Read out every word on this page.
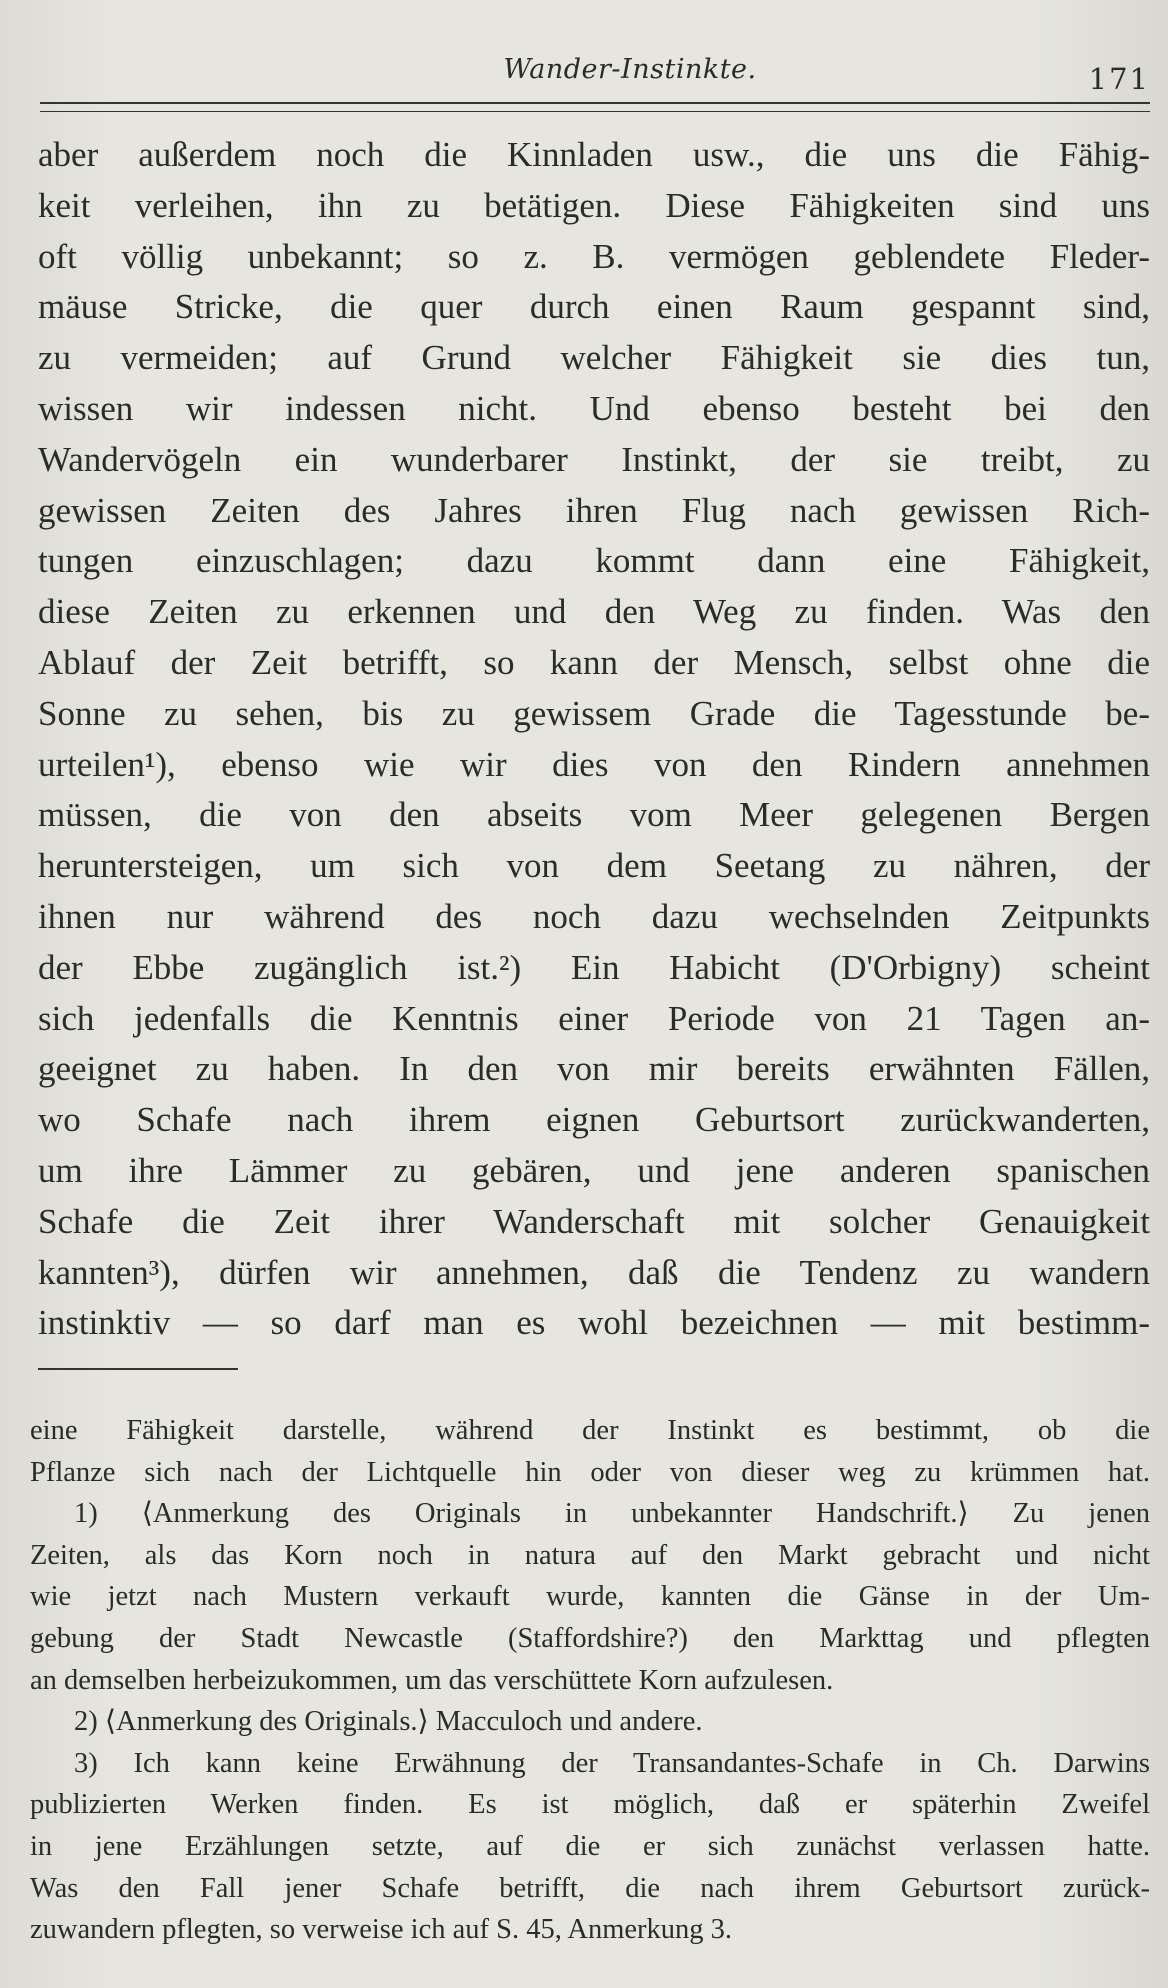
Wander-Instinkte.	171
aber außerdem noch die Kinnladen usw., die uns die Fähig-
keit verleihen, ihn zu betätigen. Diese Fähigkeiten sind uns
oft völlig unbekannt; so z. B. vermögen geblendete Fleder-
mäuse Stricke, die quer durch einen Raum gespannt sind,
zu vermeiden; auf Grund welcher Fähigkeit sie dies tun,
wissen wir indessen nicht. Und ebenso besteht bei den
Wandervögeln ein wunderbarer Instinkt, der sie treibt, zu
gewissen Zeiten des Jahres ihren Flug nach gewissen Rich-
tungen einzuschlagen; dazu kommt dann eine Fähigkeit,
diese Zeiten zu erkennen und den Weg zu finden. Was den
Ablauf der Zeit betrifft, so kann der Mensch, selbst ohne die
Sonne zu sehen, bis zu gewissem Grade die Tagesstunde be-
urteilen¹), ebenso wie wir dies von den Rindern annehmen
müssen, die von den abseits vom Meer gelegenen Bergen
heruntersteigen, um sich von dem Seetang zu nähren, der
ihnen nur während des noch dazu wechselnden Zeitpunkts
der Ebbe zugänglich ist.²) Ein Habicht (D'Orbigny) scheint
sich jedenfalls die Kenntnis einer Periode von 21 Tagen an-
geeignet zu haben. In den von mir bereits erwähnten Fällen,
wo Schafe nach ihrem eignen Geburtsort zurückwanderten,
um ihre Lämmer zu gebären, und jene anderen spanischen
Schafe die Zeit ihrer Wanderschaft mit solcher Genauigkeit
kannten³), dürfen wir annehmen, daß die Tendenz zu wandern
instinktiv — so darf man es wohl bezeichnen — mit bestimm-
eine Fähigkeit darstelle, während der Instinkt es bestimmt, ob die
Pflanze sich nach der Lichtquelle hin oder von dieser weg zu krümmen hat.
1) ⟨Anmerkung des Originals in unbekannter Handschrift.⟩ Zu jenen
Zeiten, als das Korn noch in natura auf den Markt gebracht und nicht
wie jetzt nach Mustern verkauft wurde, kannten die Gänse in der Um-
gebung der Stadt Newcastle (Staffordshire?) den Markttag und pflegten
an demselben herbeizukommen, um das verschüttete Korn aufzulesen.
2) ⟨Anmerkung des Originals.⟩ Macculoch und andere.
3) Ich kann keine Erwähnung der Transandantes-Schafe in Ch. Darwins
publizierten Werken finden. Es ist möglich, daß er späterhin Zweifel
in jene Erzählungen setzte, auf die er sich zunächst verlassen hatte.
Was den Fall jener Schafe betrifft, die nach ihrem Geburtsort zurück-
zuwandern pflegten, so verweise ich auf S. 45, Anmerkung 3.
